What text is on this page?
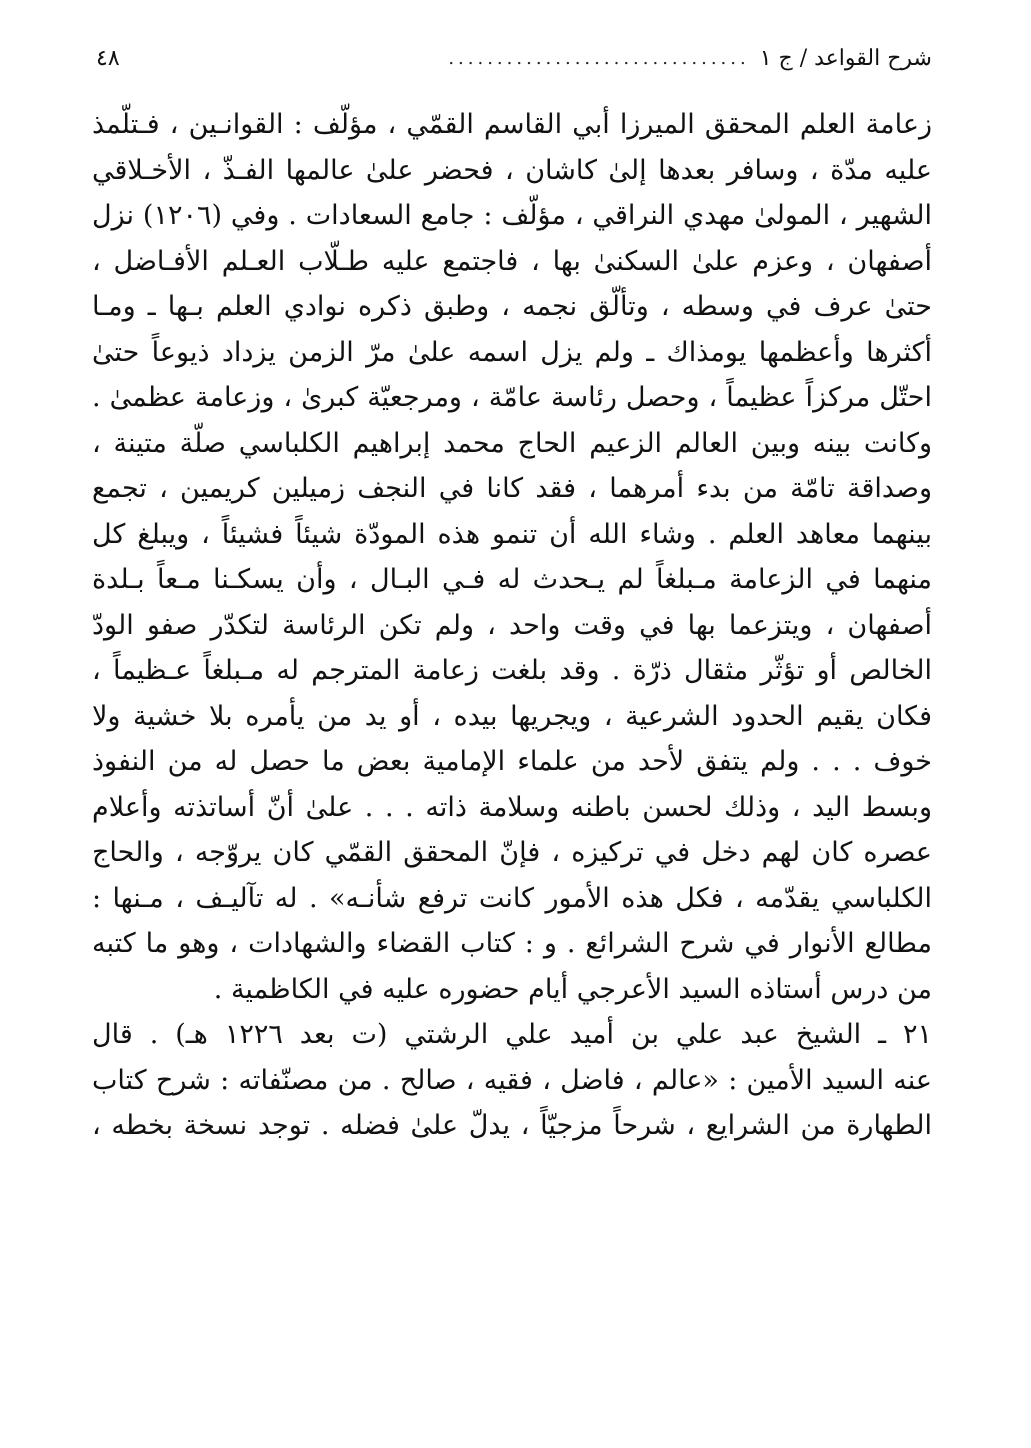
شرح القواعد / ج ١
...............................
٤٨
زعامة العلم المحقق الميرزا أبي القاسم القمّي ، مؤلّف : القوانـين ، فـتلّمذ
عليه مدّة ، وسافر بعدها إلىٰ كاشان ، فحضر علىٰ عالمها الفـذّ ، الأخـلاقي
الشهير ، المولىٰ مهدي النراقي ، مؤلّف : جامع السعادات . وفي (١٢٠٦) نزل
أصفهان ، وعزم علىٰ السكنىٰ بها ، فاجتمع عليه طـلّاب العـلم الأفـاضل ،
حتىٰ عرف في وسطه ، وتألّق نجمه ، وطبق ذكره نوادي العلم بـها ـ ومـا
أكثرها وأعظمها يومذاك ـ ولم يزل اسمه علىٰ مرّ الزمن يزداد ذيوعاً حتىٰ
احتّل مركزاً عظيماً ، وحصل رئاسة عامّة ، ومرجعيّة كبرىٰ ، وزعامة عظمىٰ .
وكانت بينه وبين العالم الزعيم الحاج محمد إبراهيم الكلباسي صلّة متينة ،
وصداقة تامّة من بدء أمرهما ، فقد كانا في النجف زميلين كريمين ، تجمع
بينهما معاهد العلم . وشاء الله أن تنمو هذه المودّة شيئاً فشيئاً ، ويبلغ كل
منهما في الزعامة مـبلغاً لم يـحدث له فـي البـال ، وأن يسكـنا مـعاً بـلدة
أصفهان ، ويتزعما بها في وقت واحد ، ولم تكن الرئاسة لتكدّر صفو الودّ
الخالص أو تؤثّر مثقال ذرّة . وقد بلغت زعامة المترجم له مـبلغاً عـظيماً ،
فكان يقيم الحدود الشرعية ، ويجريها بيده ، أو يد من يأمره بلا خشية ولا
خوف . . . ولم يتفق لأحد من علماء الإمامية بعض ما حصل له من النفوذ
وبسط اليد ، وذلك لحسن باطنه وسلامة ذاته . . . علىٰ أنّ أساتذته وأعلام
عصره كان لهم دخل في تركيزه ، فإنّ المحقق القمّي كان يروّجه ، والحاج
الكلباسي يقدّمه ، فكل هذه الأمور كانت ترفع شأنـه» . له تآليـف ، مـنها :
مطالع الأنوار في شرح الشرائع . و : كتاب القضاء والشهادات ، وهو ما كتبه
من درس أستاذه السيد الأعرجي أيام حضوره عليه في الكاظمية .
٢١ ـ الشيخ عبد علي بن أميد علي الرشتي (ت بعد ١٢٢٦ هـ) . قال
عنه السيد الأمين : «عالم ، فاضل ، فقيه ، صالح . من مصنّفاته : شرح كتاب
الطهارة من الشرايع ، شرحاً مزجيّاً ، يدلّ علىٰ فضله . توجد نسخة بخطه ،
